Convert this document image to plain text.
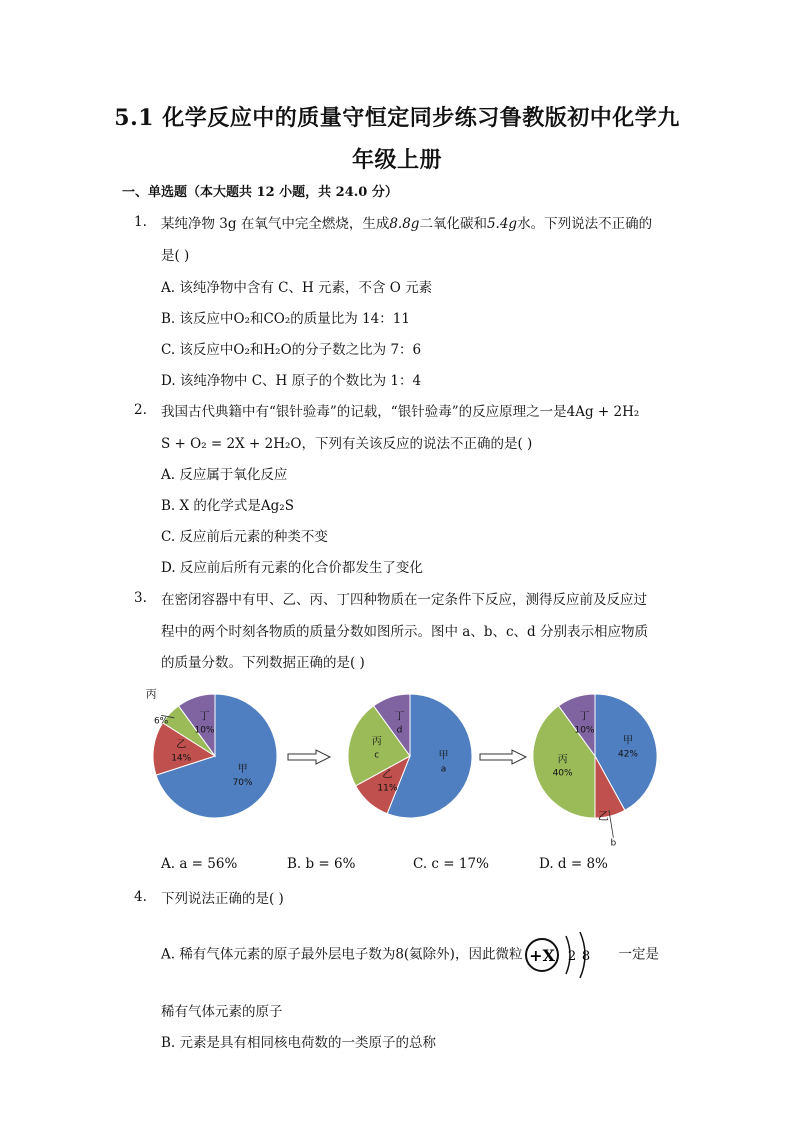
5.1 化学反应中的质量守恒定同步练习鲁教版初中化学九
年级上册
一、单选题（本大题共 12 小题，共 24.0 分）
1. 某纯净物 3g 在氧气中完全燃烧，生成8.8g二氧化碳和5.4g水。下列说法不正确的
是( )
A. 该纯净物中含有 C、H 元素，不含 O 元素
B. 该反应中O₂和CO₂的质量比为 14：11
C. 该反应中O₂和H₂O的分子数之比为 7：6
D. 该纯净物中 C、H 原子的个数比为 1：4
2. 我国古代典籍中有“银针验毒”的记载，“银针验毒”的反应原理之一是4Ag + 2H₂
S + O₂ = 2X + 2H₂O，下列有关该反应的说法不正确的是( )
A. 反应属于氧化反应
B. X 的化学式是Ag₂S
C. 反应前后元素的种类不变
D. 反应前后所有元素的化合价都发生了变化
3. 在密闭容器中有甲、乙、丙、丁四种物质在一定条件下反应，测得反应前及反应过
程中的两个时刻各物质的质量分数如图所示。图中 a、b、c、d 分别表示相应物质
的质量分数。下列数据正确的是( )
甲
70%
乙
14%
6%	丁
10%
甲
a
乙
11%
丙
c
丁
d
甲
42%
b
丙
40%
丁
10%
丙
乙
A. a = 56%	B. b = 6%	C. c = 17%	D. d = 8%
4. 下列说法正确的是( )
A. 稀有气体元素的原子最外层电子数为8(氦除外)，因此微粒 +X 2 8 一定是
稀有气体元素的原子
B. 元素是具有相同核电荷数的一类原子的总称
